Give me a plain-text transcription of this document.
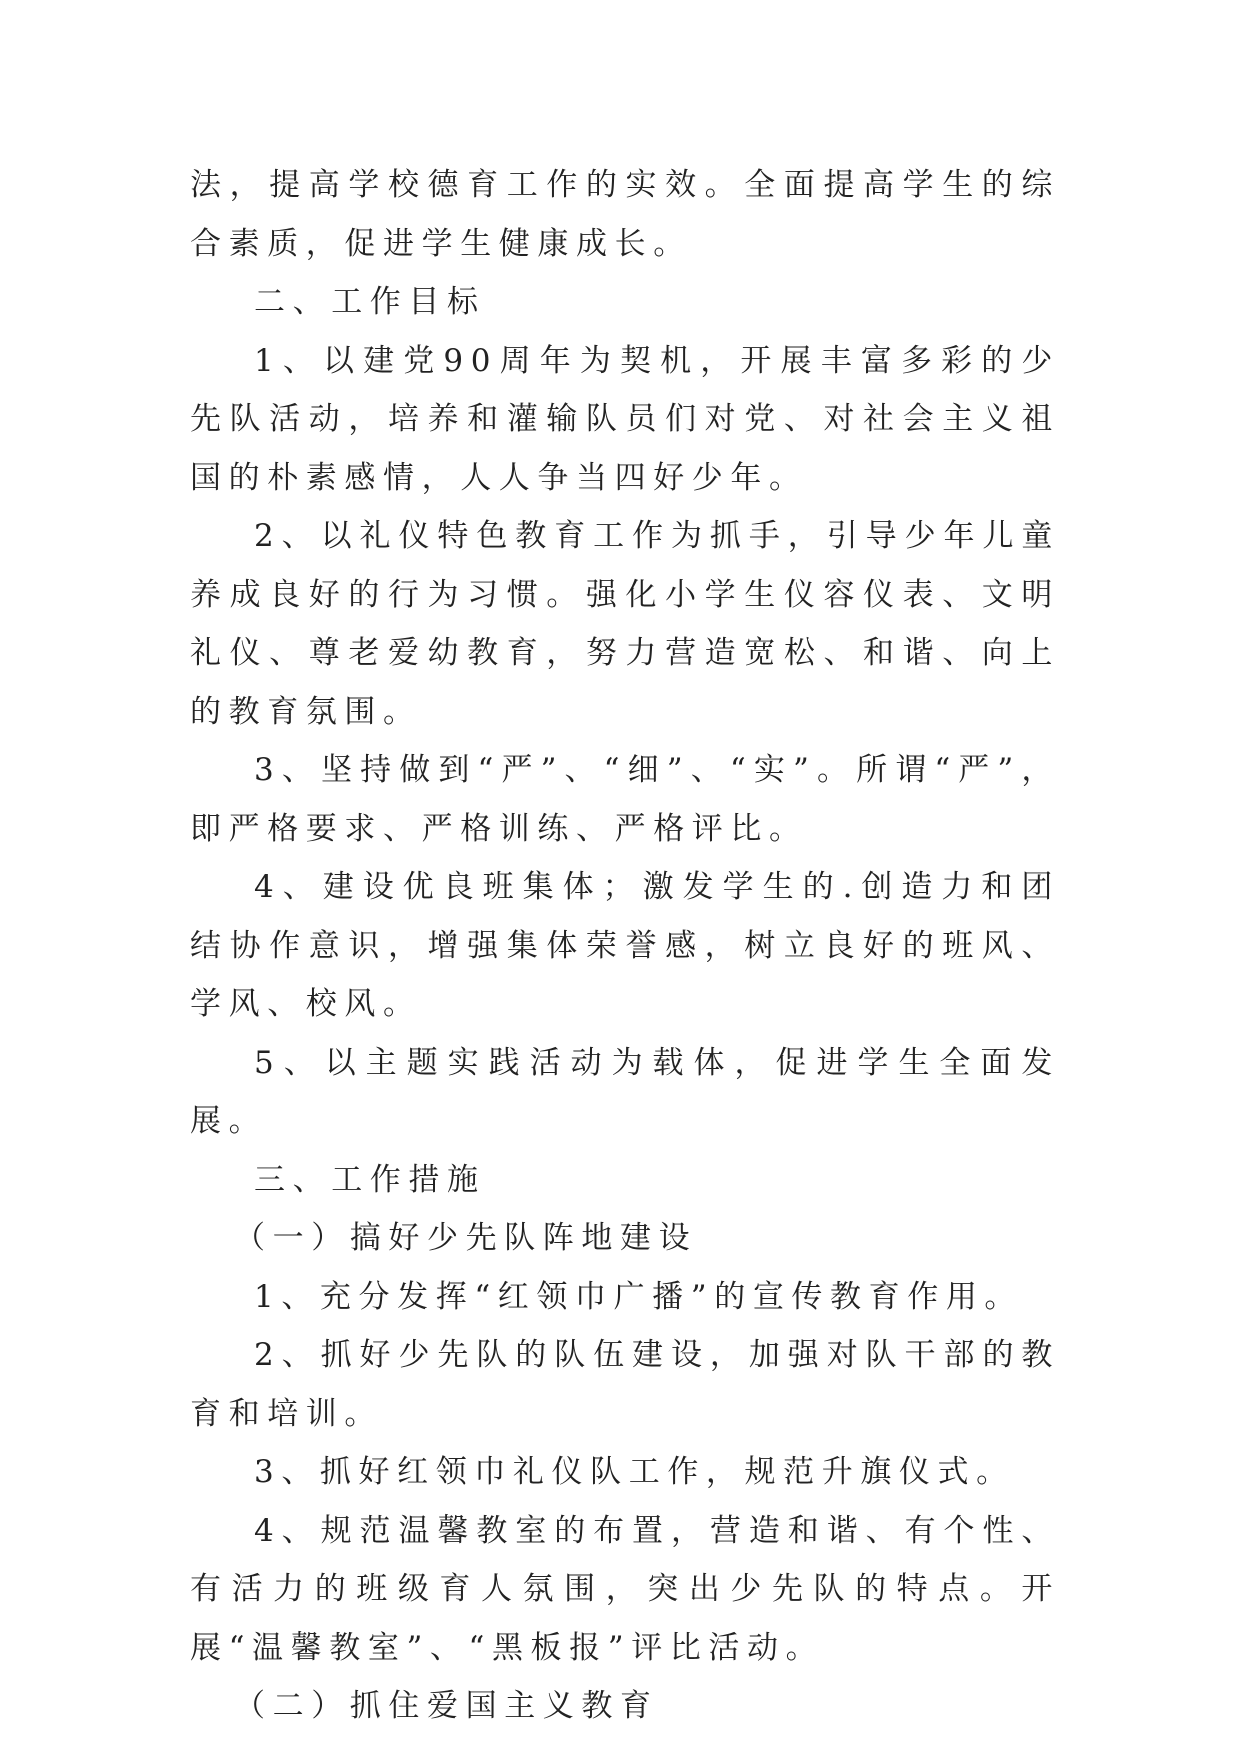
法，提高学校德育工作的实效。全面提高学生的综合素质，促进学生健康成长。

二、工作目标

1、以建党90周年为契机，开展丰富多彩的少先队活动，培养和灌输队员们对党、对社会主义祖国的朴素感情，人人争当四好少年。

2、以礼仪特色教育工作为抓手，引导少年儿童养成良好的行为习惯。强化小学生仪容仪表、文明礼仪、尊老爱幼教育，努力营造宽松、和谐、向上的教育氛围。

3、坚持做到“严”、“细”、“实”。所谓“严”，即严格要求、严格训练、严格评比。

4、建设优良班集体；激发学生的.创造力和团结协作意识，增强集体荣誉感，树立良好的班风、学风、校风。

5、以主题实践活动为载体，促进学生全面发展。

三、工作措施

（一）搞好少先队阵地建设

1、充分发挥“红领巾广播”的宣传教育作用。

2、抓好少先队的队伍建设，加强对队干部的教育和培训。

3、抓好红领巾礼仪队工作，规范升旗仪式。

4、规范温馨教室的布置，营造和谐、有个性、有活力的班级育人氛围，突出少先队的特点。开展“温馨教室”、“黑板报”评比活动。

（二）抓住爱国主义教育
